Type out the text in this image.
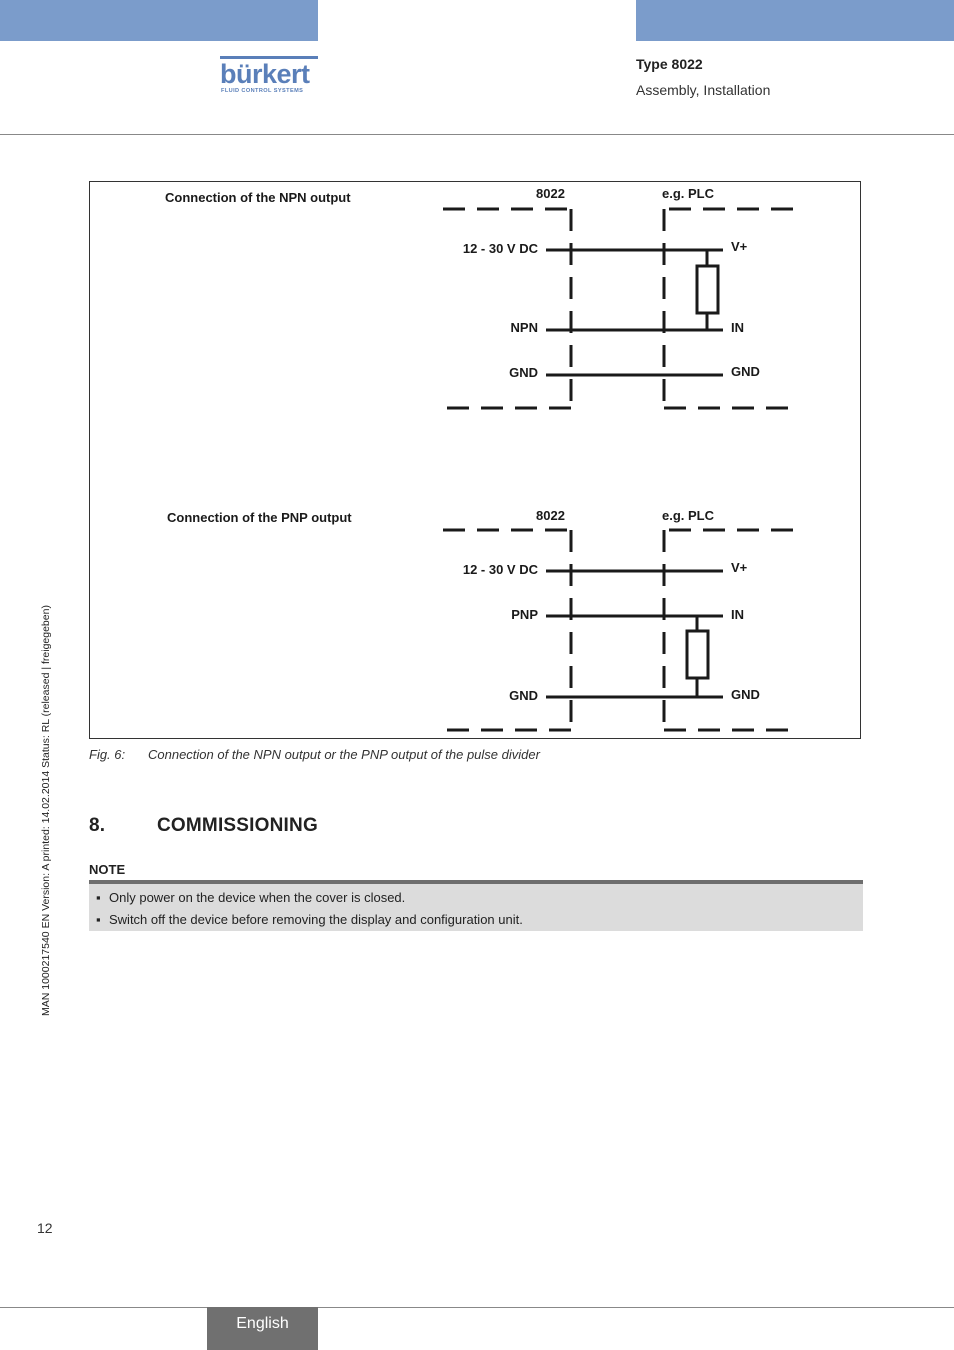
bürkert
FLUID CONTROL SYSTEMS
Type 8022
Assembly, Installation
MAN 1000217540 EN Version: A printed: 14.02.2014 Status: RL (released | freigegeben)
Connection of the NPN output	8022	e.g. PLC
12 - 30 V DC
NPN
GND
V+
IN
GND
Connection of the PNP output	8022	e.g. PLC
12 - 30 V DC
PNP
GND
V+
IN
GND
Fig. 6: Connection of the NPN output or the PNP output of the pulse divider
8.	COMMISSIONING
NOTE
▪ Only power on the device when the cover is closed.
▪ Switch off the device before removing the display and configuration unit.
12
English
